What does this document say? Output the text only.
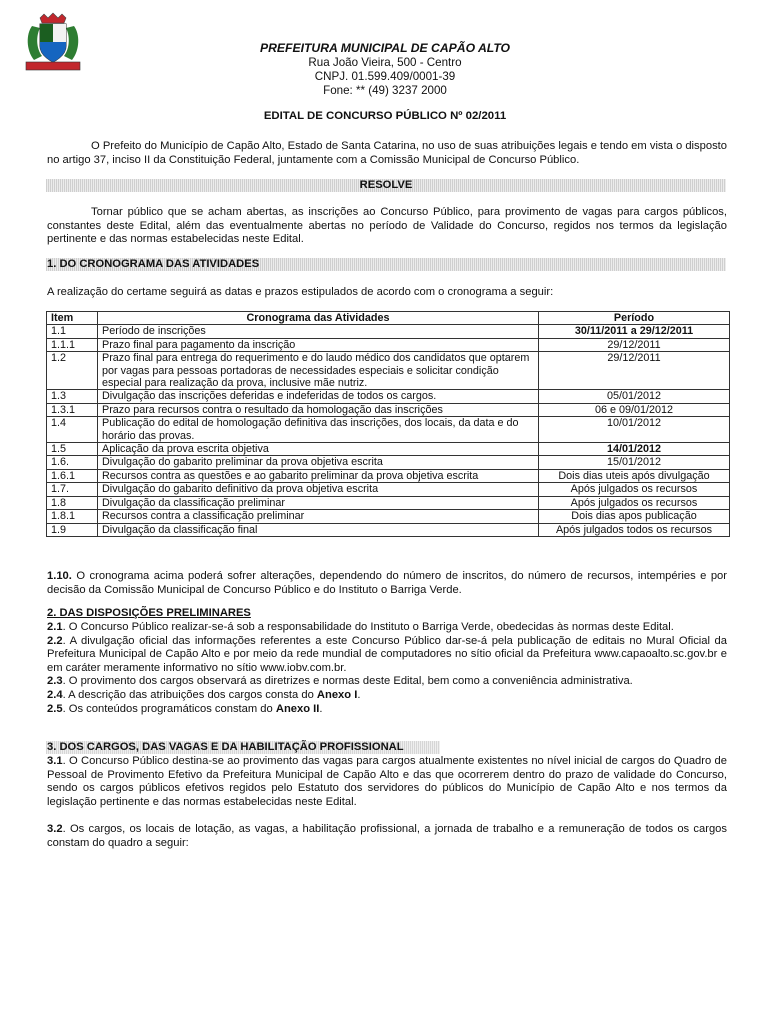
PREFEITURA MUNICIPAL DE CAPÃO ALTO
Rua João Vieira, 500 - Centro
CNPJ. 01.599.409/0001-39
Fone: ** (49) 3237 2000
EDITAL DE CONCURSO PÚBLICO Nº 02/2011
O Prefeito do Município de Capão Alto, Estado de Santa Catarina, no uso de suas atribuições legais e tendo em vista o disposto no artigo 37, inciso II da Constituição Federal, juntamente com a Comissão Municipal de Concurso Público.
RESOLVE
Tornar público que se acham abertas, as inscrições ao Concurso Público, para provimento de vagas para cargos públicos, constantes deste Edital, além das eventualmente abertas no período de Validade do Concurso, regidos nos termos da legislação pertinente e das normas estabelecidas neste Edital.
1. DO CRONOGRAMA DAS ATIVIDADES
A realização do certame seguirá as datas e prazos estipulados de acordo com o cronograma a seguir:
Item	Cronograma das Atividades	Período
1.1	Período de inscrições	30/11/2011 a 29/12/2011
1.1.1	Prazo final para pagamento da inscrição	29/12/2011
1.2	Prazo final para entrega do requerimento e do laudo médico dos candidatos que optarem por vagas para pessoas portadoras de necessidades especiais e solicitar condição especial para realização da prova, inclusive mãe nutriz.	29/12/2011
1.3	Divulgação das inscrições deferidas e indeferidas de todos os cargos.	05/01/2012
1.3.1	Prazo para recursos contra o resultado da homologação das inscrições	06 e 09/01/2012
1.4	Publicação do edital de homologação definitiva das inscrições, dos locais, da data e do horário das provas.	10/01/2012
1.5	Aplicação da prova escrita objetiva	14/01/2012
1.6.	Divulgação do gabarito preliminar da prova objetiva escrita	15/01/2012
1.6.1	Recursos contra as questões e ao gabarito preliminar da prova objetiva escrita	Dois dias uteis após divulgação
1.7.	Divulgação do gabarito definitivo da prova objetiva escrita	Após julgados os recursos
1.8	Divulgação da classificação preliminar	Após julgados os recursos
1.8.1	Recursos contra a classificação preliminar	Dois dias apos publicação
1.9	Divulgação da classificação final	Após julgados todos os recursos
1.10. O cronograma acima poderá sofrer alterações, dependendo do número de inscritos, do número de recursos, intempéries e por decisão da Comissão Municipal de Concurso Público e do Instituto o Barriga Verde.
2. DAS DISPOSIÇÕES PRELIMINARES
2.1. O Concurso Público realizar-se-á sob a responsabilidade do Instituto o Barriga Verde, obedecidas às normas deste Edital.
2.2. A divulgação oficial das informações referentes a este Concurso Público dar-se-á pela publicação de editais no Mural Oficial da Prefeitura Municipal de Capão Alto e por meio da rede mundial de computadores no sítio oficial da Prefeitura www.capaoalto.sc.gov.br e em caráter meramente informativo no sítio www.iobv.com.br.
2.3. O provimento dos cargos observará as diretrizes e normas deste Edital, bem como a conveniência administrativa.
2.4. A descrição das atribuições dos cargos consta do Anexo I.
2.5. Os conteúdos programáticos constam do Anexo II.
3. DOS CARGOS, DAS VAGAS E DA HABILITAÇÃO PROFISSIONAL
3.1. O Concurso Público destina-se ao provimento das vagas para cargos atualmente existentes no nível inicial de cargos do Quadro de Pessoal de Provimento Efetivo da Prefeitura Municipal de Capão Alto e das que ocorrerem dentro do prazo de validade do Concurso, sendo os cargos públicos efetivos regidos pelo Estatuto dos servidores do públicos do Município de Capão Alto e nos termos da legislação pertinente e das normas estabelecidas neste Edital.
3.2. Os cargos, os locais de lotação, as vagas, a habilitação profissional, a jornada de trabalho e a remuneração de todos os cargos constam do quadro a seguir:
